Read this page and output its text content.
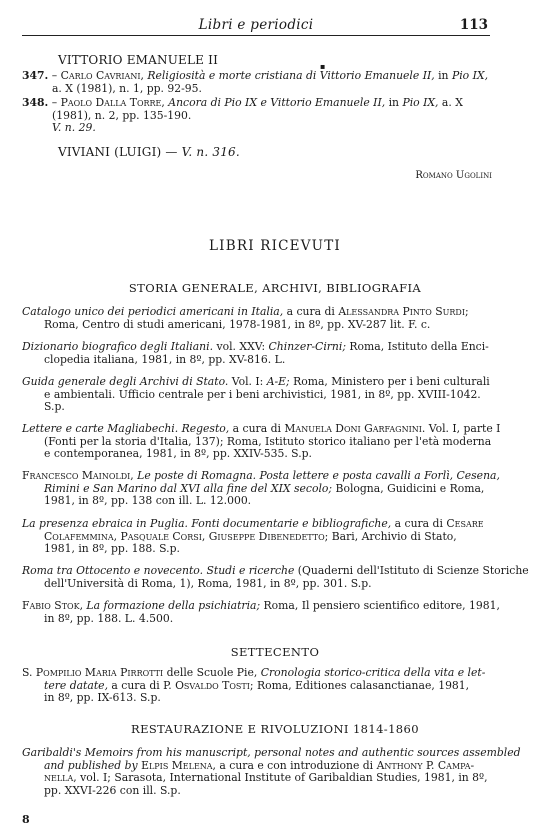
Libri e periodici	113
VITTORIO EMANUELE II	▪
347. – Carlo Cavriani, Religiosità e morte cristiana di Vittorio Emanuele II, in Pio IX,
a. X (1981), n. 1, pp. 92-95.
348. – Paolo Dalla Torre, Ancora di Pio IX e Vittorio Emanuele II, in Pio IX, a. X
(1981), n. 2, pp. 135-190.
V. n. 29.
VIVIANI (LUIGI) — V. n. 316.
Romano Ugolini
LIBRI RICEVUTI
STORIA GENERALE, ARCHIVI, BIBLIOGRAFIA
Catalogo unico dei periodici americani in Italia, a cura di Alessandra Pinto Surdi;
Roma, Centro di studi americani, 1978-1981, in 8º, pp. XV-287 lit. F. c.
Dizionario biografico degli Italiani. vol. XXV: Chinzer-Cirni; Roma, Istituto della Enci-
clopedia italiana, 1981, in 8º, pp. XV-816. L.
Guida generale degli Archivi di Stato. Vol. I: A-E; Roma, Ministero per i beni culturali
e ambientali. Ufficio centrale per i beni archivistici, 1981, in 8º, pp. XVIII-1042.
S.p.
Lettere e carte Magliabechi. Regesto, a cura di Manuela Doni Garfagnini. Vol. I, parte I
(Fonti per la storia d'Italia, 137); Roma, Istituto storico italiano per l'età moderna
e contemporanea, 1981, in 8º, pp. XXIV-535. S.p.
Francesco Mainoldi, Le poste di Romagna. Posta lettere e posta cavalli a Forlì, Cesena,
Rimini e San Marino dal XVI alla fine del XIX secolo; Bologna, Guidicini e Roma,
1981, in 8º, pp. 138 con ill. L. 12.000.
La presenza ebraica in Puglia. Fonti documentarie e bibliografiche, a cura di Cesare
Colafemmina, Pasquale Corsi, Giuseppe Dibenedetto; Bari, Archivio di Stato,
1981, in 8º, pp. 188. S.p.
Roma tra Ottocento e novecento. Studi e ricerche (Quaderni dell'Istituto di Scienze Storiche
dell'Università di Roma, 1), Roma, 1981, in 8º, pp. 301. S.p.
Fabio Stok, La formazione della psichiatria; Roma, Il pensiero scientifico editore, 1981,
in 8º, pp. 188. L. 4.500.
SETTECENTO
S. Pompilio Maria Pirrotti delle Scuole Pie, Cronologia storico-critica della vita e let-
tere datate, a cura di P. Osvaldo Tosti; Roma, Editiones calasanctianae, 1981,
in 8º, pp. IX-613. S.p.
RESTAURAZIONE E RIVOLUZIONI 1814-1860
Garibaldi's Memoirs from his manuscript, personal notes and authentic sources assembled
and published by Elpis Melena, a cura e con introduzione di Anthony P. Campa-
nella, vol. I; Sarasota, International Institute of Garibaldian Studies, 1981, in 8º,
pp. XXVI-226 con ill. S.p.
8
